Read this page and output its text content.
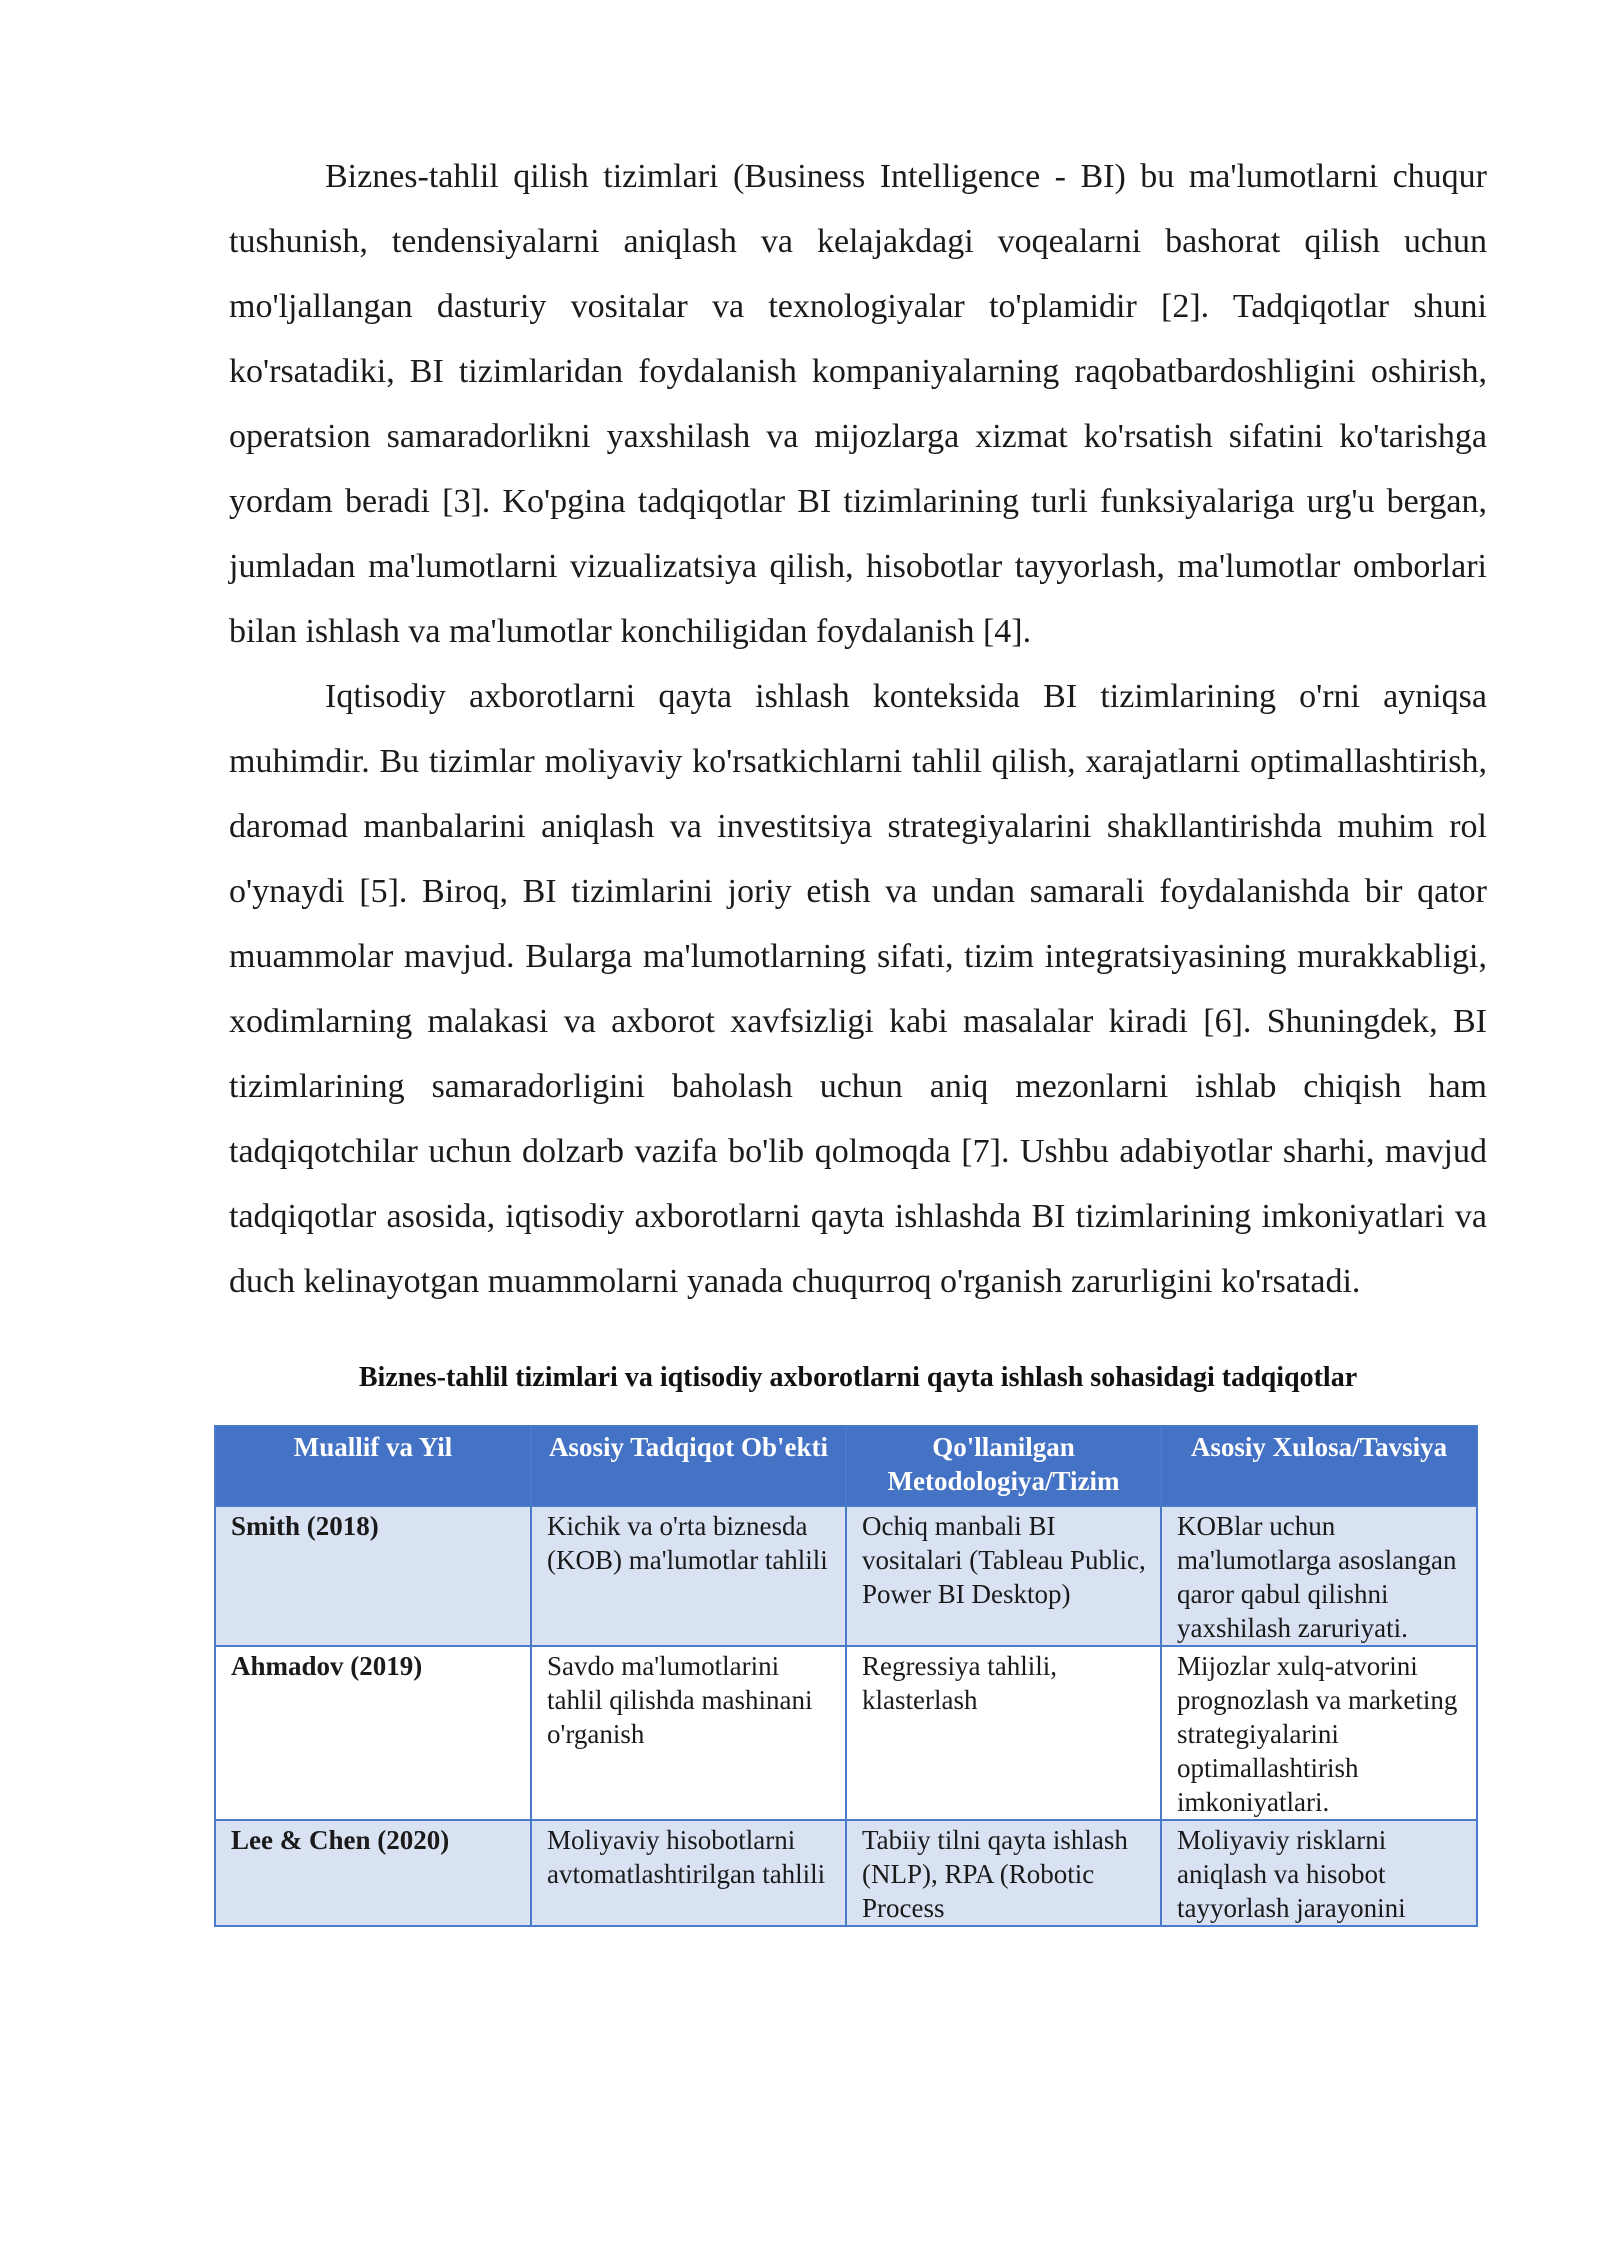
Biznes-tahlil qilish tizimlari (Business Intelligence - BI) bu ma'lumotlarni chuqur tushunish, tendensiyalarni aniqlash va kelajakdagi voqealarni bashorat qilish uchun mo'ljallangan dasturiy vositalar va texnologiyalar to'plamidir [2]. Tadqiqotlar shuni ko'rsatadiki, BI tizimlaridan foydalanish kompaniyalarning raqobatbardoshligini oshirish, operatsion samaradorlikni yaxshilash va mijozlarga xizmat ko'rsatish sifatini ko'tarishga yordam beradi [3]. Ko'pgina tadqiqotlar BI tizimlarining turli funksiyalariga urg'u bergan, jumladan ma'lumotlarni vizualizatsiya qilish, hisobotlar tayyorlash, ma'lumotlar omborlari bilan ishlash va ma'lumotlar konchiligidan foydalanish [4].

Iqtisodiy axborotlarni qayta ishlash konteksida BI tizimlarining o'rni ayniqsa muhimdir. Bu tizimlar moliyaviy ko'rsatkichlarni tahlil qilish, xarajatlarni optimallashtirish, daromad manbalarini aniqlash va investitsiya strategiyalarini shakllantirishda muhim rol o'ynaydi [5]. Biroq, BI tizimlarini joriy etish va undan samarali foydalanishda bir qator muammolar mavjud. Bularga ma'lumotlarning sifati, tizim integratsiyasining murakkabligi, xodimlarning malakasi va axborot xavfsizligi kabi masalalar kiradi [6]. Shuningdek, BI tizimlarining samaradorligini baholash uchun aniq mezonlarni ishlab chiqish ham tadqiqotchilar uchun dolzarb vazifa bo'lib qolmoqda [7]. Ushbu adabiyotlar sharhi, mavjud tadqiqotlar asosida, iqtisodiy axborotlarni qayta ishlashda BI tizimlarining imkoniyatlari va duch kelinayotgan muammolarni yanada chuqurroq o'rganish zarurligini ko'rsatadi.

Biznes-tahlil tizimlari va iqtisodiy axborotlarni qayta ishlash sohasidagi tadqiqotlar
Muallif va Yil	Asosiy Tadqiqot Ob'ekti	Qo'llanilgan Metodologiya/Tizim	Asosiy Xulosa/Tavsiya
Smith (2018)	Kichik va o'rta biznesda (KOB) ma'lumotlar tahlili	Ochiq manbali BI vositalari (Tableau Public, Power BI Desktop)	KOBlar uchun ma'lumotlarga asoslangan qaror qabul qilishni yaxshilash zaruriyati.
Ahmadov (2019)	Savdo ma'lumotlarini tahlil qilishda mashinani o'rganish	Regressiya tahlili, klasterlash	Mijozlar xulq-atvorini prognozlash va marketing strategiyalarini optimallashtirish imkoniyatlari.
Lee & Chen (2020)	Moliyaviy hisobotlarni avtomatlashtirilgan tahlili	Tabiiy tilni qayta ishlash (NLP), RPA (Robotic Process	Moliyaviy risklarni aniqlash va hisobot tayyorlash jarayonini
